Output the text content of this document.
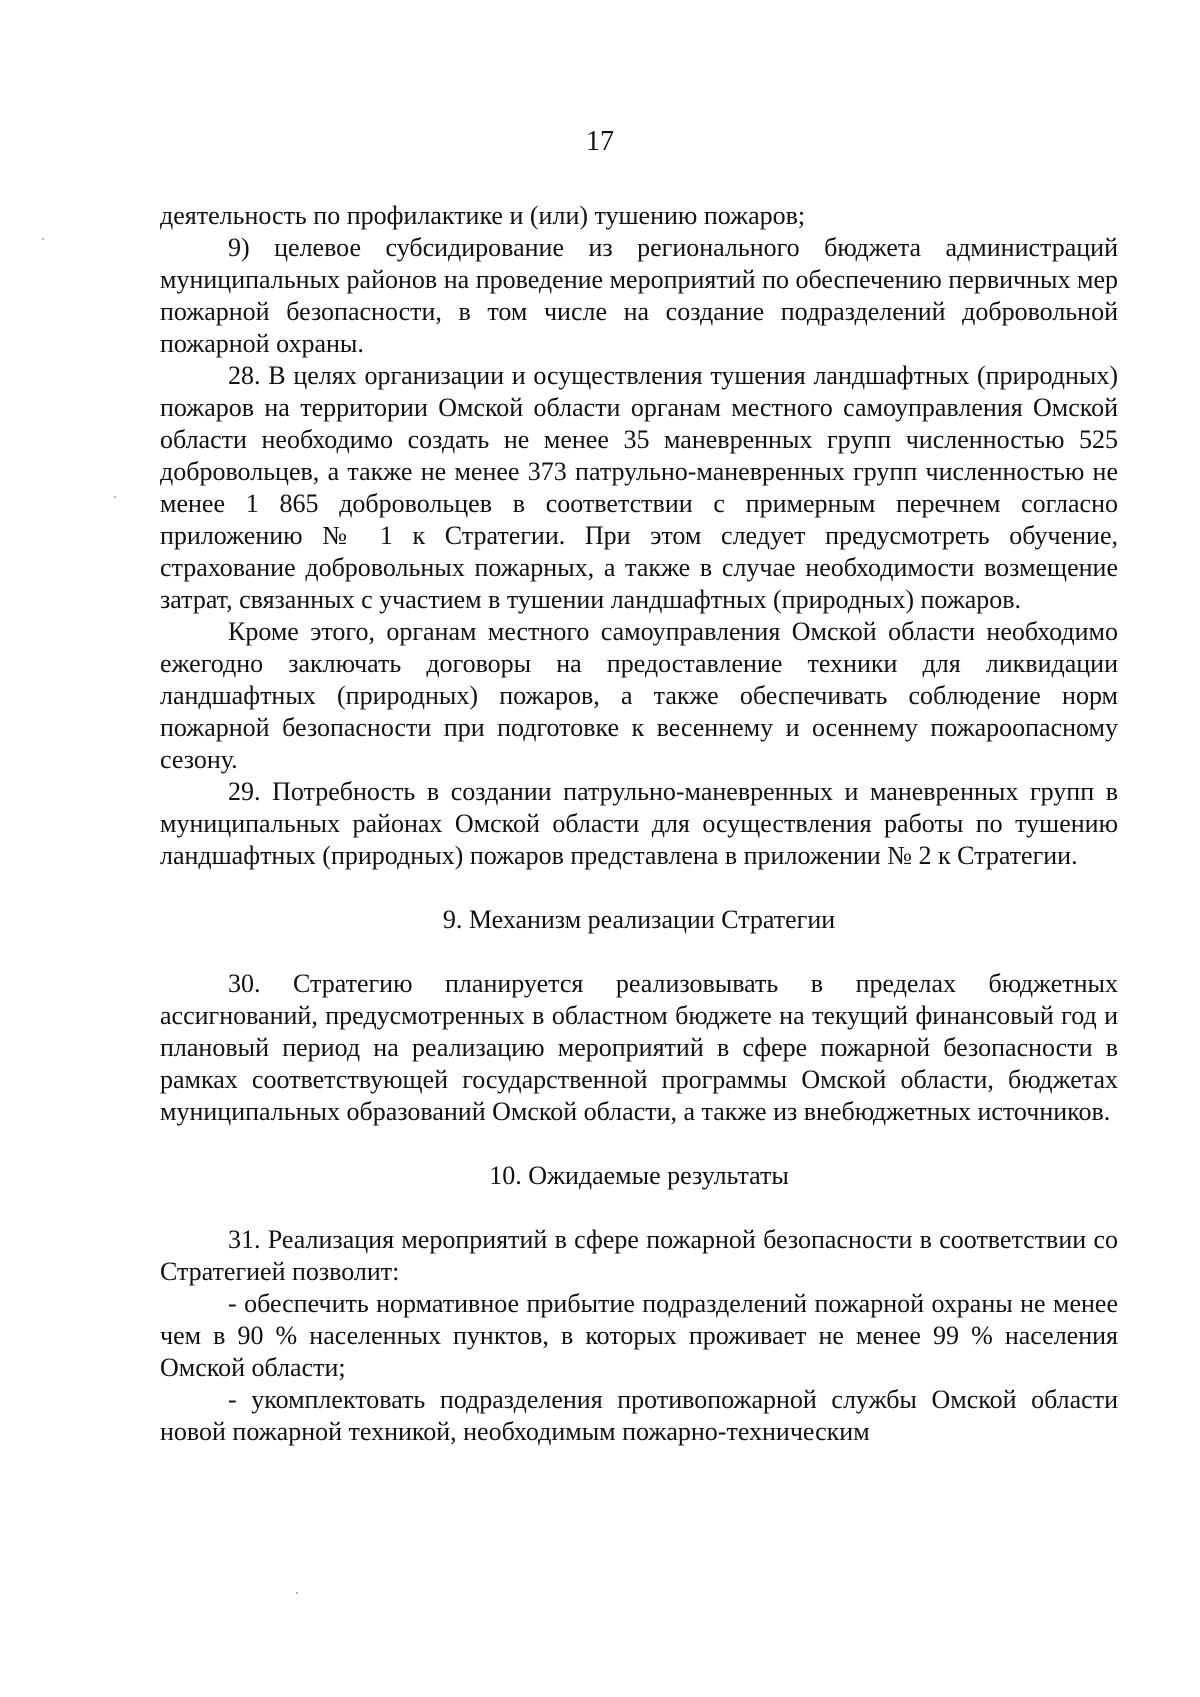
17

деятельность по профилактике и (или) тушению пожаров;

9) целевое субсидирование из регионального бюджета администраций муниципальных районов на проведение мероприятий по обеспечению первичных мер пожарной безопасности, в том числе на создание подразделений добровольной пожарной охраны.

28. В целях организации и осуществления тушения ландшафтных (природных) пожаров на территории Омской области органам местного самоуправления Омской области необходимо создать не менее 35 маневренных групп численностью 525 добровольцев, а также не менее 373 патрульно-маневренных групп численностью не менее 1 865 добровольцев в соответствии с примерным перечнем согласно приложению № 1 к Стратегии. При этом следует предусмотреть обучение, страхование добровольных пожарных, а также в случае необходимости возмещение затрат, связанных с участием в тушении ландшафтных (природных) пожаров.

Кроме этого, органам местного самоуправления Омской области необходимо ежегодно заключать договоры на предоставление техники для ликвидации ландшафтных (природных) пожаров, а также обеспечивать соблюдение норм пожарной безопасности при подготовке к весеннему и осеннему пожароопасному сезону.

29. Потребность в создании патрульно-маневренных и маневренных групп в муниципальных районах Омской области для осуществления работы по тушению ландшафтных (природных) пожаров представлена в приложении № 2 к Стратегии.

9. Механизм реализации Стратегии

30. Стратегию планируется реализовывать в пределах бюджетных ассигнований, предусмотренных в областном бюджете на текущий финансовый год и плановый период на реализацию мероприятий в сфере пожарной безопасности в рамках соответствующей государственной программы Омской области, бюджетах муниципальных образований Омской области, а также из внебюджетных источников.

10. Ожидаемые результаты

31. Реализация мероприятий в сфере пожарной безопасности в соответствии со Стратегией позволит:

- обеспечить нормативное прибытие подразделений пожарной охраны не менее чем в 90 % населенных пунктов, в которых проживает не менее 99 % населения Омской области;

- укомплектовать подразделения противопожарной службы Омской области новой пожарной техникой, необходимым пожарно-техническим
